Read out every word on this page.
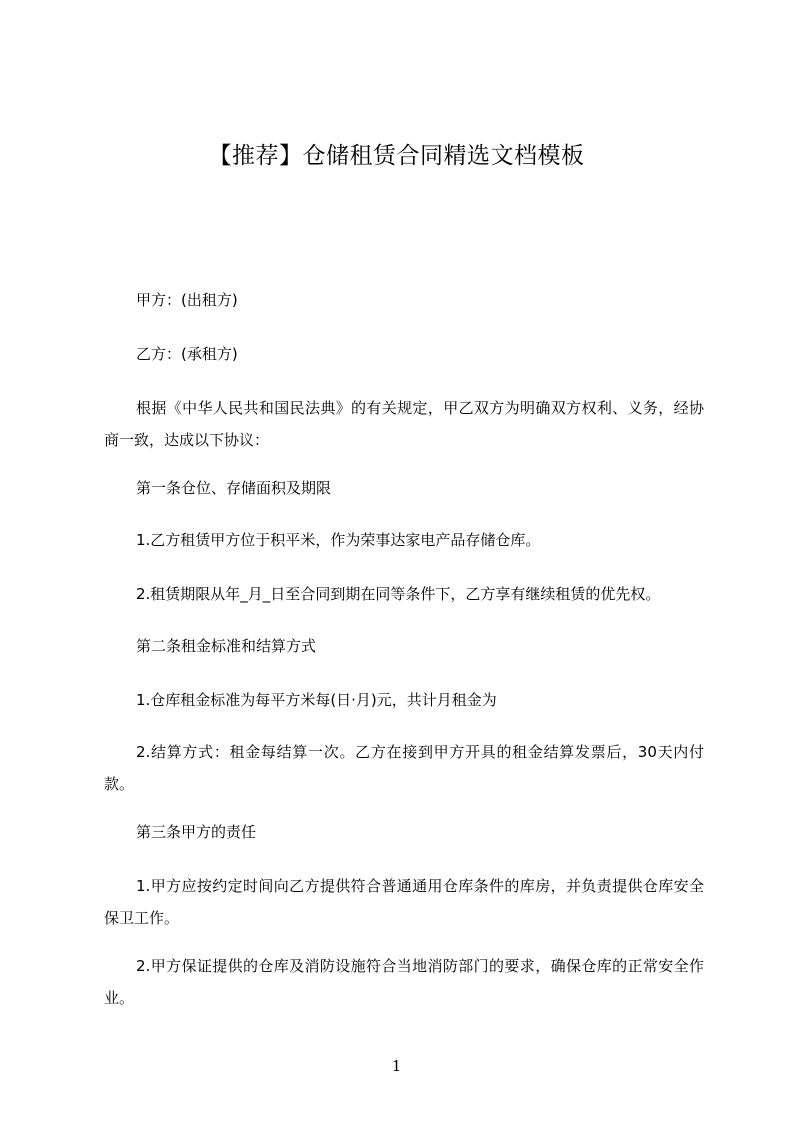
【推荐】仓储租赁合同精选文档模板

甲方：(出租方)

乙方：(承租方)

根据《中华人民共和国民法典》的有关规定，甲乙双方为明确双方权利、义务，经协商一致，达成以下协议：

第一条仓位、存储面积及期限

1.乙方租赁甲方位于积平米，作为荣事达家电产品存储仓库。

2.租赁期限从年_月_日至合同到期在同等条件下，乙方享有继续租赁的优先权。

第二条租金标准和结算方式

1.仓库租金标准为每平方米每(日·月)元，共计月租金为

2.结算方式：租金每结算一次。乙方在接到甲方开具的租金结算发票后，30天内付款。

第三条甲方的责任

1.甲方应按约定时间向乙方提供符合普通通用仓库条件的库房，并负责提供仓库安全保卫工作。

2.甲方保证提供的仓库及消防设施符合当地消防部门的要求，确保仓库的正常安全作业。

1
